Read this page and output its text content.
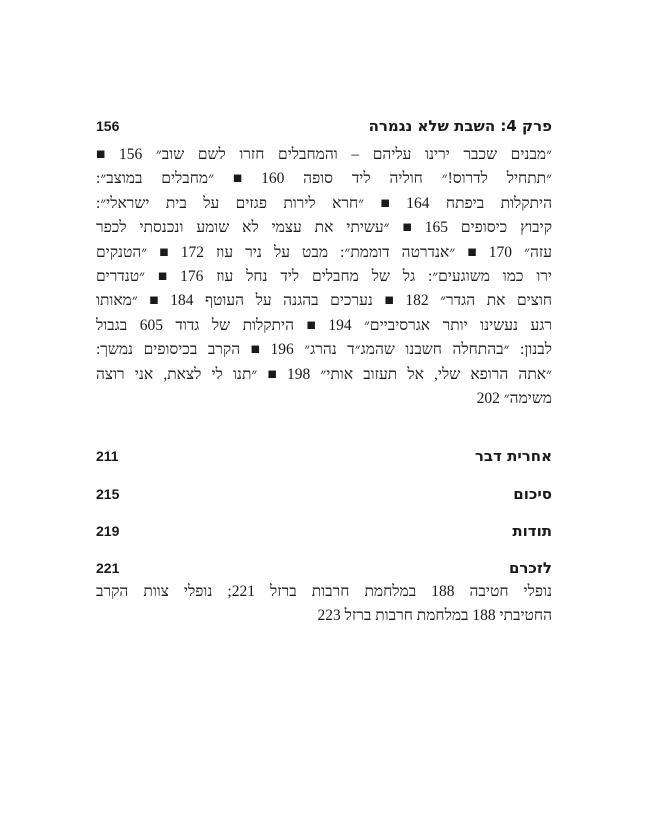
פרק 4: השבת שלא נגמרה
156
״מבנים שכבר ירינו עליהם – והמחבלים חזרו לשם שוב״ 156 ■
״תתחיל לדרוס!״ חוליה ליד סופה 160 ■ ״מחבלים במוצב״:
היתקלות ביפתח 164 ■ ״חרא לירות פגזים על בית ישראלי״:
קיבוץ כיסופים 165 ■ ״עשיתי את עצמי לא שומע ונכנסתי לכפר
עזה״ 170 ■ ״אנדרטה דוממת״: מבט על ניר עוז 172 ■ ״הטנקים
ירו כמו משוגעים״: גל של מחבלים ליד נחל עוז 176 ■ ״טנדרים
חוצים את הגדר״ 182 ■ נערכים בהגנה על העוטף 184 ■ ״מאותו
רגע נעשינו יותר אגרסיביים״ 194 ■ היתקלות של גדוד 605 בגבול
לבנון: ״בהתחלה חשבנו שהמג״ד נהרג״ 196 ■ הקרב בכיסופים נמשך:
״אתה הרופא שלי, אל תעזוב אותי״ 198 ■ ״תנו לי לצאת, אני רוצה
משימה״ 202
אחרית דבר
211
סיכום
215
תודות
219
לזכרם
221
נופלי חטיבה 188 במלחמת חרבות ברזל 221; נופלי צוות הקרב
החטיבתי 188 במלחמת חרבות ברזל 223
